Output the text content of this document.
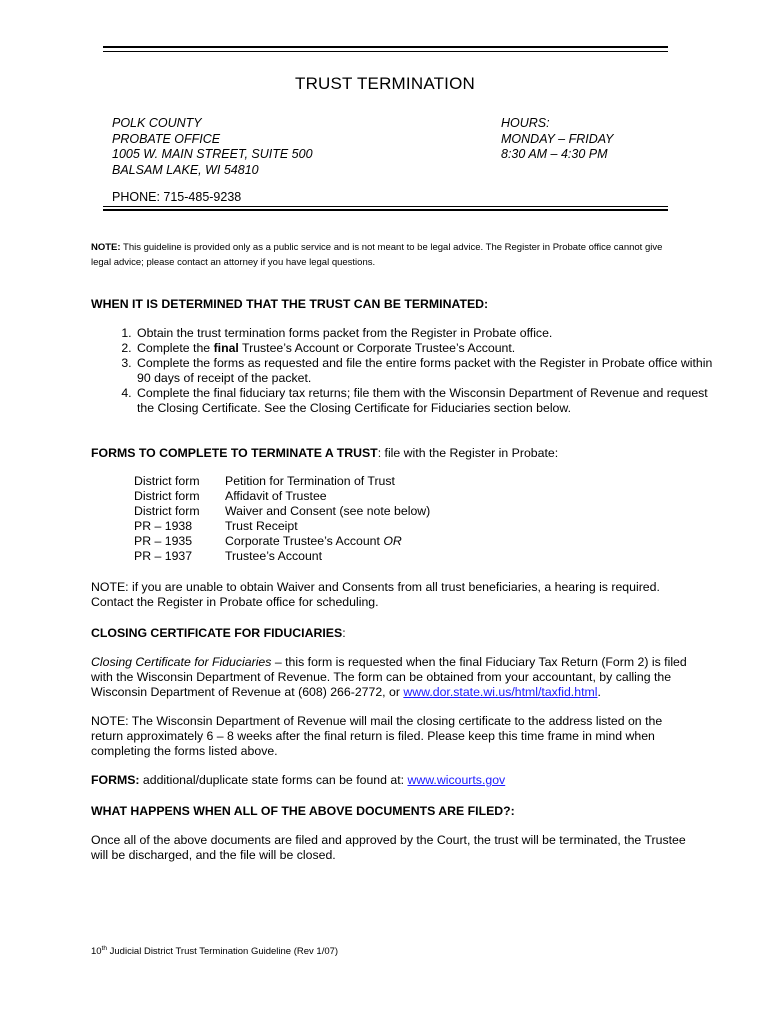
TRUST TERMINATION
POLK COUNTY
PROBATE OFFICE
1005 W. MAIN STREET, SUITE 500
BALSAM LAKE, WI 54810
HOURS:
MONDAY – FRIDAY
8:30 AM – 4:30 PM
PHONE: 715-485-9238
NOTE: This guideline is provided only as a public service and is not meant to be legal advice. The Register in Probate office cannot give legal advice; please contact an attorney if you have legal questions.
WHEN IT IS DETERMINED THAT THE TRUST CAN BE TERMINATED:
1. Obtain the trust termination forms packet from the Register in Probate office.
2. Complete the final Trustee’s Account or Corporate Trustee’s Account.
3. Complete the forms as requested and file the entire forms packet with the Register in Probate office within 90 days of receipt of the packet.
4. Complete the final fiduciary tax returns; file them with the Wisconsin Department of Revenue and request the Closing Certificate. See the Closing Certificate for Fiduciaries section below.
FORMS TO COMPLETE TO TERMINATE A TRUST: file with the Register in Probate:
District form	Petition for Termination of Trust
District form	Affidavit of Trustee
District form	Waiver and Consent (see note below)
PR – 1938	Trust Receipt
PR – 1935	Corporate Trustee’s Account OR
PR – 1937	Trustee’s Account
NOTE: if you are unable to obtain Waiver and Consents from all trust beneficiaries, a hearing is required. Contact the Register in Probate office for scheduling.
CLOSING CERTIFICATE FOR FIDUCIARIES:
Closing Certificate for Fiduciaries – this form is requested when the final Fiduciary Tax Return (Form 2) is filed with the Wisconsin Department of Revenue. The form can be obtained from your accountant, by calling the Wisconsin Department of Revenue at (608) 266-2772, or www.dor.state.wi.us/html/taxfid.html.
NOTE: The Wisconsin Department of Revenue will mail the closing certificate to the address listed on the return approximately 6 – 8 weeks after the final return is filed. Please keep this time frame in mind when completing the forms listed above.
FORMS: additional/duplicate state forms can be found at: www.wicourts.gov
WHAT HAPPENS WHEN ALL OF THE ABOVE DOCUMENTS ARE FILED?:
Once all of the above documents are filed and approved by the Court, the trust will be terminated, the Trustee will be discharged, and the file will be closed.
10th Judicial District Trust Termination Guideline (Rev 1/07)
